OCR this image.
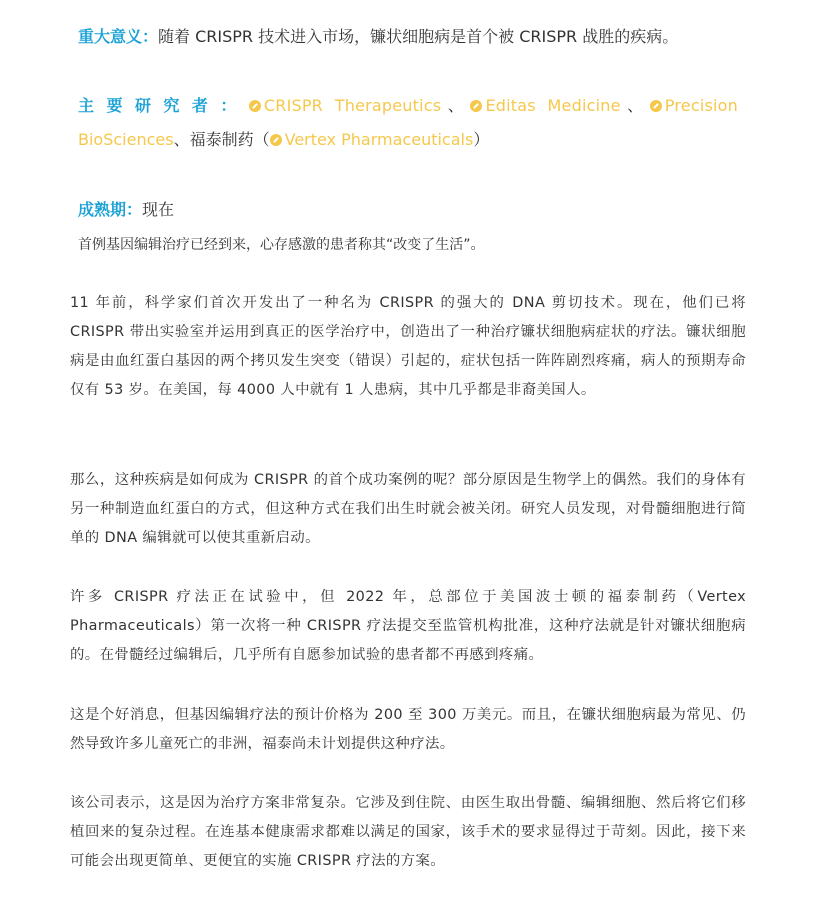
重大意义：随着 CRISPR 技术进入市场，镰状细胞病是首个被 CRISPR 战胜的疾病。
主要研究者： CRISPR Therapeutics、 Editas Medicine、 Precision
BioSciences、福泰制药（ Vertex Pharmaceuticals）
成熟期：现在
首例基因编辑治疗已经到来，心存感激的患者称其“改变了生活”。

11 年前，科学家们首次开发出了一种名为 CRISPR 的强大的 DNA 剪切技术。现在，他们已将 CRISPR 带出实验室并运用到真正的医学治疗中，创造出了一种治疗镰状细胞病症状的疗法。镰状细胞病是由血红蛋白基因的两个拷贝发生突变（错误）引起的，症状包括一阵阵剧烈疼痛，病人的预期寿命仅有 53 岁。在美国，每 4000 人中就有 1 人患病，其中几乎都是非裔美国人。

那么，这种疾病是如何成为 CRISPR 的首个成功案例的呢？部分原因是生物学上的偶然。我们的身体有另一种制造血红蛋白的方式，但这种方式在我们出生时就会被关闭。研究人员发现，对骨髓细胞进行简单的 DNA 编辑就可以使其重新启动。

许多 CRISPR 疗法正在试验中，但 2022 年，总部位于美国波士顿的福泰制药（Vertex Pharmaceuticals）第一次将一种 CRISPR 疗法提交至监管机构批准，这种疗法就是针对镰状细胞病的。在骨髓经过编辑后，几乎所有自愿参加试验的患者都不再感到疼痛。

这是个好消息，但基因编辑疗法的预计价格为 200 至 300 万美元。而且，在镰状细胞病最为常见、仍然导致许多儿童死亡的非洲，福泰尚未计划提供这种疗法。

该公司表示，这是因为治疗方案非常复杂。它涉及到住院、由医生取出骨髓、编辑细胞、然后将它们移植回来的复杂过程。在连基本健康需求都难以满足的国家，该手术的要求显得过于苛刻。因此，接下来可能会出现更简单、更便宜的实施 CRISPR 疗法的方案。
